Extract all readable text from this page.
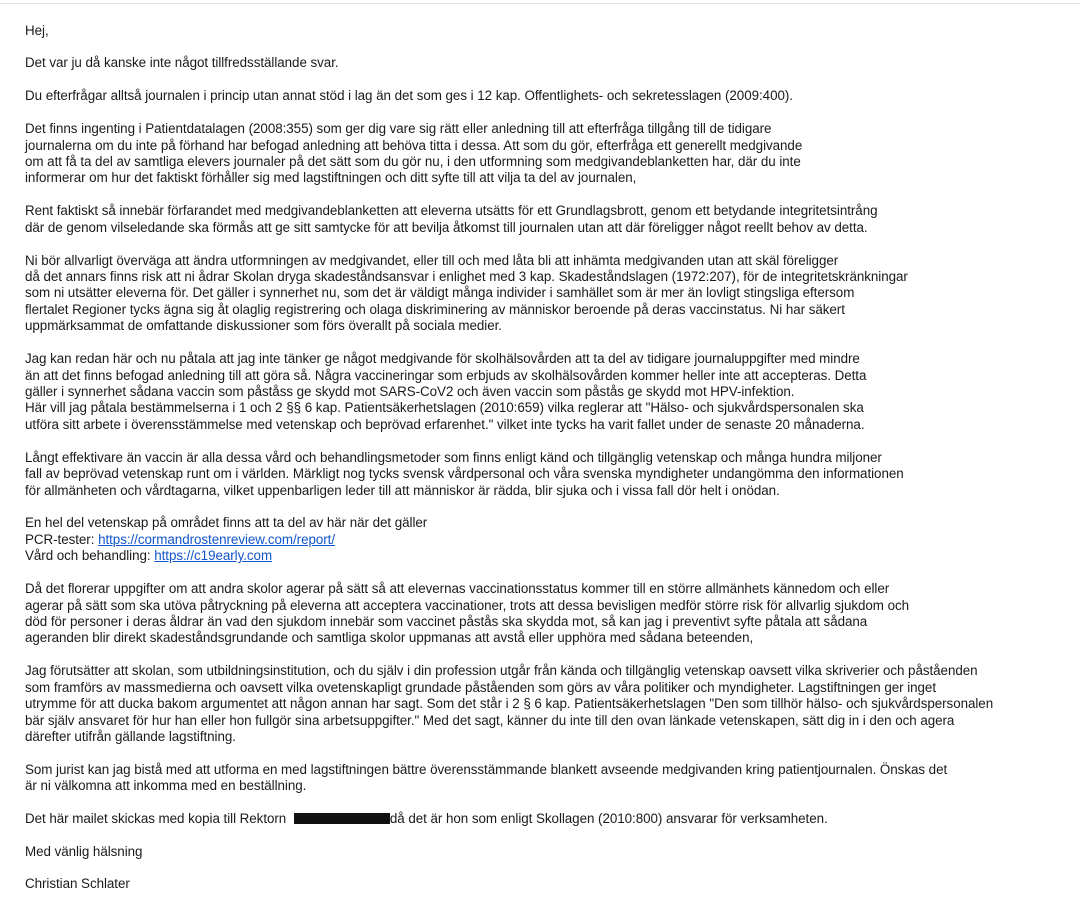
Hej,
Det var ju då kanske inte något tillfredsställande svar.
Du efterfrågar alltså journalen i princip utan annat stöd i lag än det som ges i 12 kap. Offentlighets- och sekretesslagen (2009:400).
Det finns ingenting i Patientdatalagen (2008:355) som ger dig vare sig rätt eller anledning till att efterfråga tillgång till de tidigare
journalerna om du inte på förhand har befogad anledning att behöva titta i dessa. Att som du gör, efterfråga ett generellt medgivande
om att få ta del av samtliga elevers journaler på det sätt som du gör nu, i den utformning som medgivandeblanketten har, där du inte
informerar om hur det faktiskt förhåller sig med lagstiftningen och ditt syfte till att vilja ta del av journalen,
Rent faktiskt så innebär förfarandet med medgivandeblanketten att eleverna utsätts för ett Grundlagsbrott, genom ett betydande integritetsintrång
där de genom vilseledande ska förmås att ge sitt samtycke för att bevilja åtkomst till journalen utan att där föreligger något reellt behov av detta.
Ni bör allvarligt överväga att ändra utformningen av medgivandet, eller till och med låta bli att inhämta medgivanden utan att skäl föreligger
då det annars finns risk att ni ådrar Skolan dryga skadeståndsansvar i enlighet med 3 kap. Skadeståndslagen (1972:207), för de integritetskränkningar
som ni utsätter eleverna för. Det gäller i synnerhet nu, som det är väldigt många individer i samhället som är mer än lovligt stingsliga eftersom
flertalet Regioner tycks ägna sig åt olaglig registrering och olaga diskriminering av människor beroende på deras vaccinstatus. Ni har säkert
uppmärksammat de omfattande diskussioner som förs överallt på sociala medier.
Jag kan redan här och nu påtala att jag inte tänker ge något medgivande för skolhälsovården att ta del av tidigare journaluppgifter med mindre
än att det finns befogad anledning till att göra så. Några vaccineringar som erbjuds av skolhälsovården kommer heller inte att accepteras. Detta
gäller i synnerhet sådana vaccin som påståss ge skydd mot SARS-CoV2 och även vaccin som påstås ge skydd mot HPV-infektion.
Här vill jag påtala bestämmelserna i 1 och 2 §§ 6 kap. Patientsäkerhetslagen (2010:659) vilka reglerar att "Hälso- och sjukvårdspersonalen ska
utföra sitt arbete i överensstämmelse med vetenskap och beprövad erfarenhet." vilket inte tycks ha varit fallet under de senaste 20 månaderna.
Långt effektivare än vaccin är alla dessa vård och behandlingsmetoder som finns enligt känd och tillgänglig vetenskap och många hundra miljoner
fall av beprövad vetenskap runt om i världen. Märkligt nog tycks svensk vårdpersonal och våra svenska myndigheter undangömma den informationen
för allmänheten och vårdtagarna, vilket uppenbarligen leder till att människor är rädda, blir sjuka och i vissa fall dör helt i onödan.
En hel del vetenskap på området finns att ta del av här när det gäller
PCR-tester: https://cormandrostenreview.com/report/
Vård och behandling: https://c19early.com
Då det florerar uppgifter om att andra skolor agerar på sätt så att elevernas vaccinationsstatus kommer till en större allmänhets kännedom och eller
agerar på sätt som ska utöva påtryckning på eleverna att acceptera vaccinationer, trots att dessa bevisligen medför större risk för allvarlig sjukdom och
död för personer i deras åldrar än vad den sjukdom innebär som vaccinet påstås ska skydda mot, så kan jag i preventivt syfte påtala att sådana
ageranden blir direkt skadeståndsgrundande och samtliga skolor uppmanas att avstå eller upphöra med sådana beteenden,
Jag förutsätter att skolan, som utbildningsinstitution, och du själv i din profession utgår från kända och tillgänglig vetenskap oavsett vilka skriverier och påståenden
som framförs av massmedierna och oavsett vilka ovetenskapligt grundade påståenden som görs av våra politiker och myndigheter. Lagstiftningen ger inget
utrymme för att ducka bakom argumentet att någon annan har sagt. Som det står i 2 § 6 kap. Patientsäkerhetslagen "Den som tillhör hälso- och sjukvårdspersonalen
bär själv ansvaret för hur han eller hon fullgör sina arbetsuppgifter." Med det sagt, känner du inte till den ovan länkade vetenskapen, sätt dig in i den och agera
därefter utifrån gällande lagstiftning.
Som jurist kan jag bistå med att utforma en med lagstiftningen bättre överensstämmande blankett avseende medgivanden kring patientjournalen. Önskas det
är ni välkomna att inkomma med en beställning.
Det här mailet skickas med kopia till Rektorn	då det är hon som enligt Skollagen (2010:800) ansvarar för verksamheten.
Med vänlig hälsning
Christian Schlater
